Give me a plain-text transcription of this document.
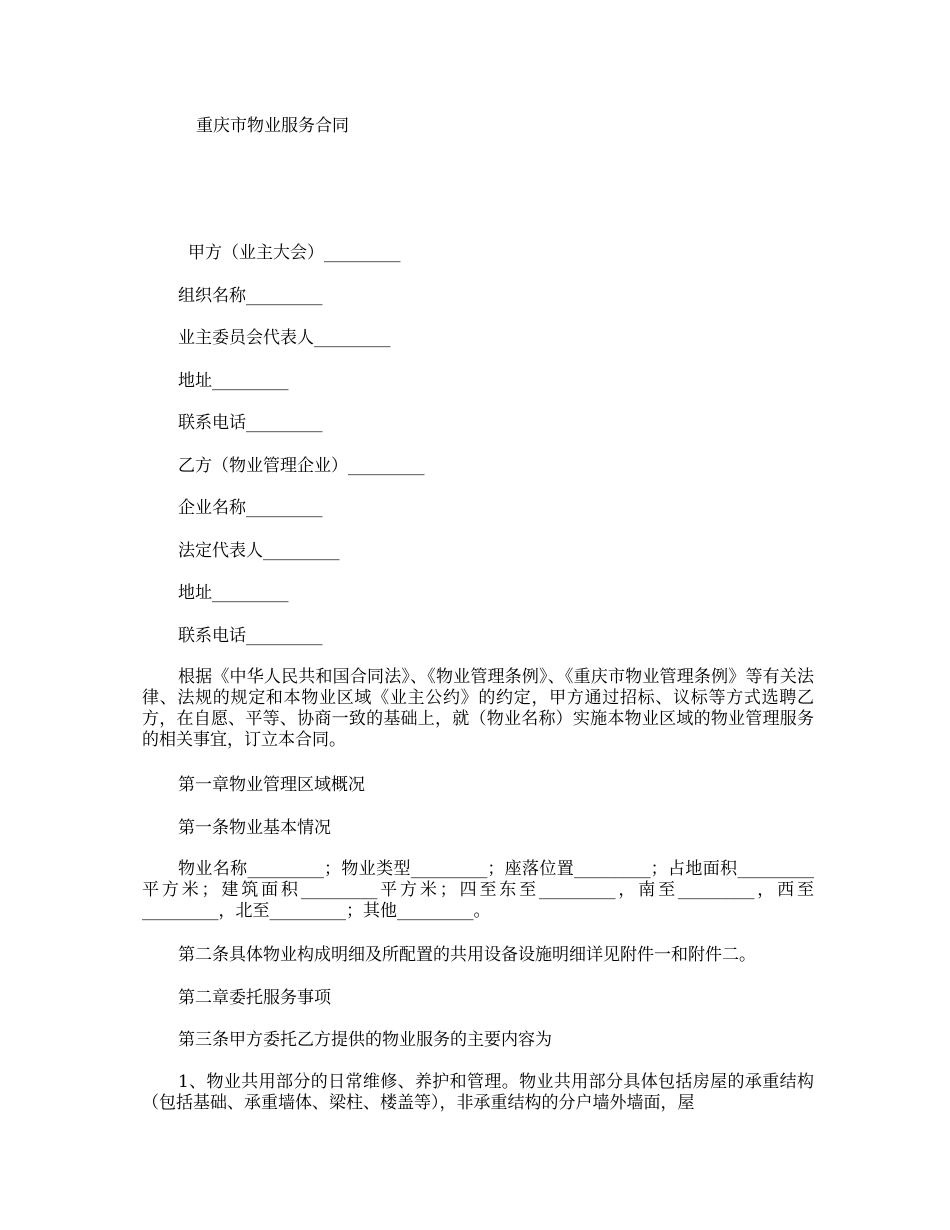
重庆市物业服务合同
甲方（业主大会）_________
组织名称_________
业主委员会代表人_________
地址_________
联系电话_________
乙方（物业管理企业）_________
企业名称_________
法定代表人_________
地址_________
联系电话_________
根据《中华人民共和国合同法》、《物业管理条例》、《重庆市物业管理条例》等有关法律、法规的规定和本物业区域《业主公约》的约定，甲方通过招标、议标等方式选聘乙方，在自愿、平等、协商一致的基础上，就（物业名称）实施本物业区域的物业管理服务的相关事宜，订立本合同。
第一章物业管理区域概况
第一条物业基本情况
物业名称_________；物业类型_________；座落位置_________；占地面积_________平方米；建筑面积_________平方米；四至东至_________，南至_________，西至_________，北至_________；其他_________。
第二条具体物业构成明细及所配置的共用设备设施明细详见附件一和附件二。
第二章委托服务事项
第三条甲方委托乙方提供的物业服务的主要内容为
1、物业共用部分的日常维修、养护和管理。物业共用部分具体包括房屋的承重结构（包括基础、承重墙体、梁柱、楼盖等），非承重结构的分户墙外墙面，屋
